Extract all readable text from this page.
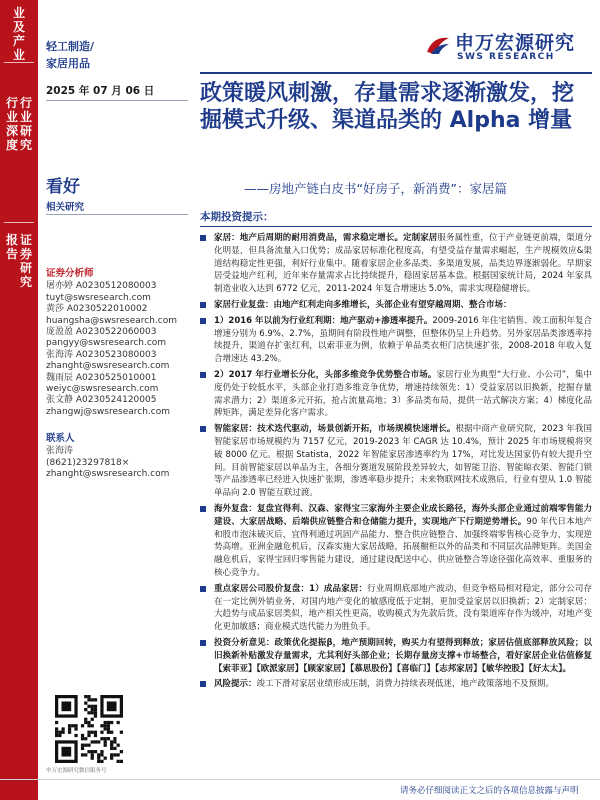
业及产业
行业研究
行业深度
证券研究
报告
轻工制造/
家居用品
申万宏源研究
SWS RESEARCH
2025 年 07 月 06 日
看好
相关研究
政策暖风刺激，存量需求逐渐激发，挖掘模式升级、渠道品类的 Alpha 增量
——房地产链白皮书“好房子，新消费”：家居篇
证券分析师
屠亦婷 A0230512080003
tuyt@swsresearch.com
黄莎 A0230522010002
huangsha@swsresearch.com
庞盈盈 A0230522060003
pangyy@swsresearch.com
张海涛 A0230523080003
zhanght@swsresearch.com
魏雨辰 A0230525010001
weiyc@swsresearch.com
张文静 A0230524120005
zhangwj@swsresearch.com
联系人
张海涛
(8621)23297818×
zhanght@swsresearch.com
申万宏源研究微信服务号
本期投资提示：
家居：地产后周期的耐用消费品，需求稳定增长。定制家居服务属性重，位于产业链更前端，渠道分化明显，但具备流量入口优势；成品家居标准化程度高，有望受益存量需求崛起，生产规模效应&渠道结构稳定性更强，利好行业集中。随着家居企业多品类、多渠道发展，品类边界逐渐弱化。早期家居受益地产红利，近年来存量需求占比持续提升，稳固家居基本盘。根据国家统计局，2024 年家具制造业收入达到 6772 亿元，2011-2024 年复合增速达 5.0%，需求实现稳健增长。
家居行业复盘：由地产红利走向多维增长，头部企业有望穿越周期、整合市场：
1）2016 年以前为行业红利期：地产驱动+渗透率提升。2009-2016 年住宅销售、竣工面积年复合增速分别为 6.9%、2.7%，虽期间有阶段性地产调整，但整体仍呈上升趋势。另外家居品类渗透率持续提升，渠道存扩张红利，以索菲亚为例，依赖于单品类衣柜门店快速扩张，2008-2018 年收入复合增速达 43.2%。
2）2017 年行业增长分化，头部多维竞争优势整合市场。家居行业为典型“大行业、小公司”，集中度仍处于较低水平，头部企业打造多维竞争优势，增速持续领先：1）受益家居以旧换新，挖掘存量需求潜力；2）渠道多元开拓，抢占流量高地；3）多品类布局，提供一站式解决方案；4）梯度化品牌矩阵，满足差异化客户需求。
智能家居：技术迭代驱动，场景创新开拓，市场规模快速增长。根据中商产业研究院，2023 年我国智能家居市场规模约为 7157 亿元，2019-2023 年 CAGR 达 10.4%，预计 2025 年市场规模将突破 8000 亿元。根据 Statista，2022 年智能家居渗透率约为 17%，对比发达国家仍有较大提升空间。目前智能家居以单品为主，各细分赛道发展阶段差异较大，如智能卫浴、智能晾衣架、智能门锁等产品渗透率已经进入快速扩张期，渗透率稳步提升；未来物联网技术成熟后，行业有望从 1.0 智能单品向 2.0 智能互联过渡。
海外复盘：复盘宜得利、汉森、家得宝三家海外主要企业成长路径，海外头部企业通过前端零售能力建设、大家居战略、后端供应链整合和仓储能力提升，实现地产下行期逆势增长。90 年代日本地产和股市泡沫破灭后，宜得利通过巩固产品能力、整合供应链整合、加强终端零售核心竞争力，实现逆势高增。亚洲金融危机后，汉森实施大家居战略，拓展橱柜以外的品类和不同层次品牌矩阵。美国金融危机后，家得宝回归零售能力建设，通过建设配送中心、供应链整合等途径强化高效率、重服务的核心竞争力。
重点家居公司股价复盘：1）成品家居：行业周期底部地产波动，但竞争格局相对稳定，部分公司存在一定比例外销业务，对国内地产变化的敏感度低于定制，更加受益家居以旧换新；2）定制家居：大趋势与成品家居类似，地产相关性更高，收购模式为先款后货，没有渠道库存作为缓冲，对地产变化更加敏感；商业模式迭代能力为胜负手。
投资分析意见：政策优化提振β，地产预期回转，购买力有望得到释放；家居估值底部释放风险；以旧换新补贴激发存量需求，尤其利好头部企业；长期存量房支撑+市场整合，看好家居企业估值修复【索菲亚】【欧派家居】【顾家家居】【慕思股份】【喜临门】【志邦家居】【敏华控股】【好太太】。
风险提示：竣工下滑对家居业绩形成压制，消费力持续表现低迷，地产政策落地不及预期。
请务必仔细阅读正文之后的各项信息披露与声明
